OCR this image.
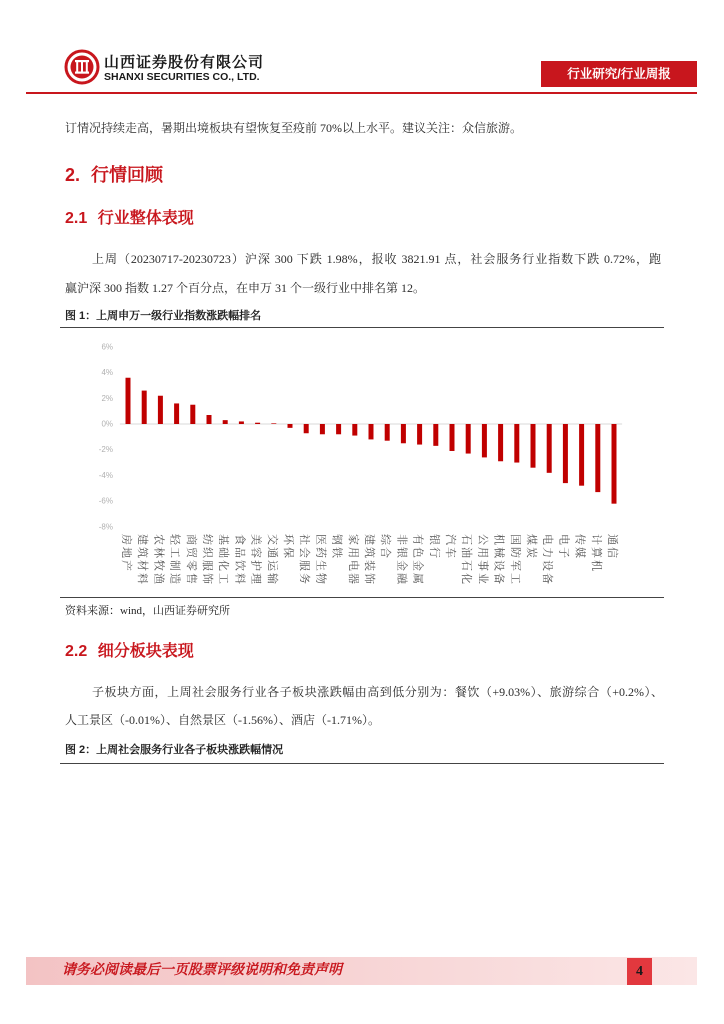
山西证券股份有限公司
SHANXI SECURITIES CO., LTD.	行业研究/行业周报
订情况持续走高，暑期出境板块有望恢复至疫前 70%以上水平。建议关注：众信旅游。
2. 行情回顾
2.1 行业整体表现
上周（20230717-20230723）沪深 300 下跌 1.98%，报收 3821.91 点，社会服务行业指数下跌 0.72%，跑
赢沪深 300 指数 1.27 个百分点，在申万 31 个一级行业中排名第 12。
图 1：上周申万一级行业指数涨跌幅排名
6%
4%
2%
0%
-2%
-4%
-6%
-8%
房地产 建筑材料 农林牧渔 轻工制造 商贸零售 纺织服饰 基础化工 食品饮料 美容护理 交通运输 环保 社会服务 医药生物 钢铁 家用电器 建筑装饰 综合 非银金融 有色金属 银行 汽车 石油石化 公用事业 机械设备 国防军工 煤炭 电力设备 电子 传媒 计算机 通信
资料来源：wind，山西证券研究所
2.2 细分板块表现
子板块方面，上周社会服务行业各子板块涨跌幅由高到低分别为：餐饮（+9.03%）、旅游综合（+0.2%）、
人工景区（-0.01%）、自然景区（-1.56%）、酒店（-1.71%）。
图 2：上周社会服务行业各子板块涨跌幅情况
请务必阅读最后一页股票评级说明和免责声明	4
